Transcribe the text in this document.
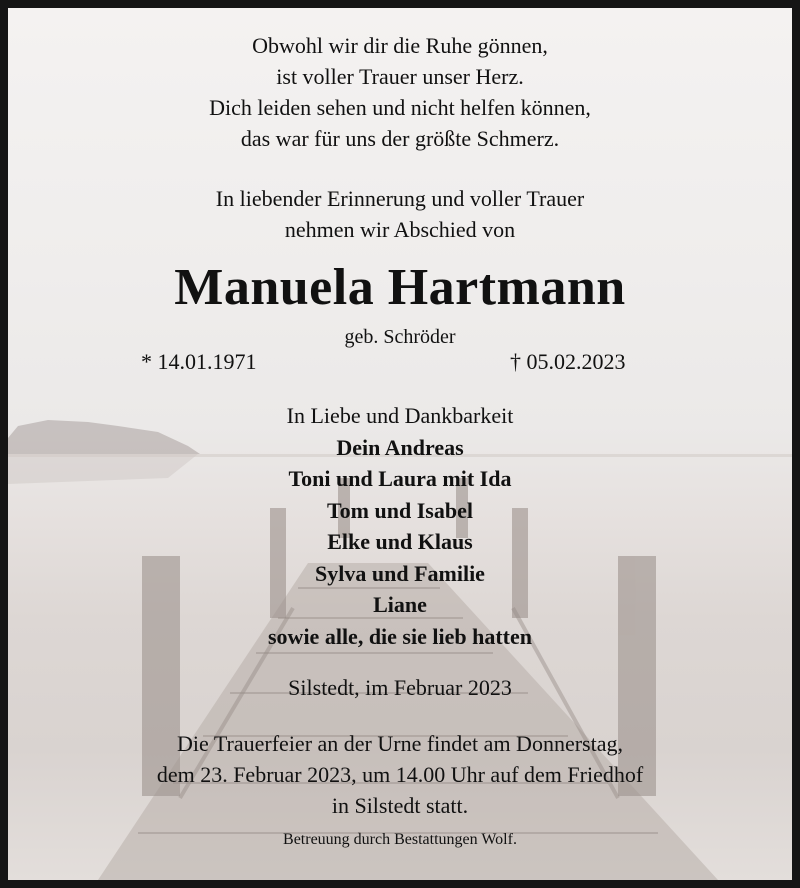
Obwohl wir dir die Ruhe gönnen,
ist voller Trauer unser Herz.
Dich leiden sehen und nicht helfen können,
das war für uns der größte Schmerz.
In liebender Erinnerung und voller Trauer
nehmen wir Abschied von
Manuela Hartmann
geb. Schröder
* 14.01.1971	† 05.02.2023
In Liebe und Dankbarkeit
Dein Andreas
Toni und Laura mit Ida
Tom und Isabel
Elke und Klaus
Sylva und Familie
Liane
sowie alle, die sie lieb hatten
Silstedt, im Februar 2023
Die Trauerfeier an der Urne findet am Donnerstag,
dem 23. Februar 2023, um 14.00 Uhr auf dem Friedhof
in Silstedt statt.
Betreuung durch Bestattungen Wolf.
